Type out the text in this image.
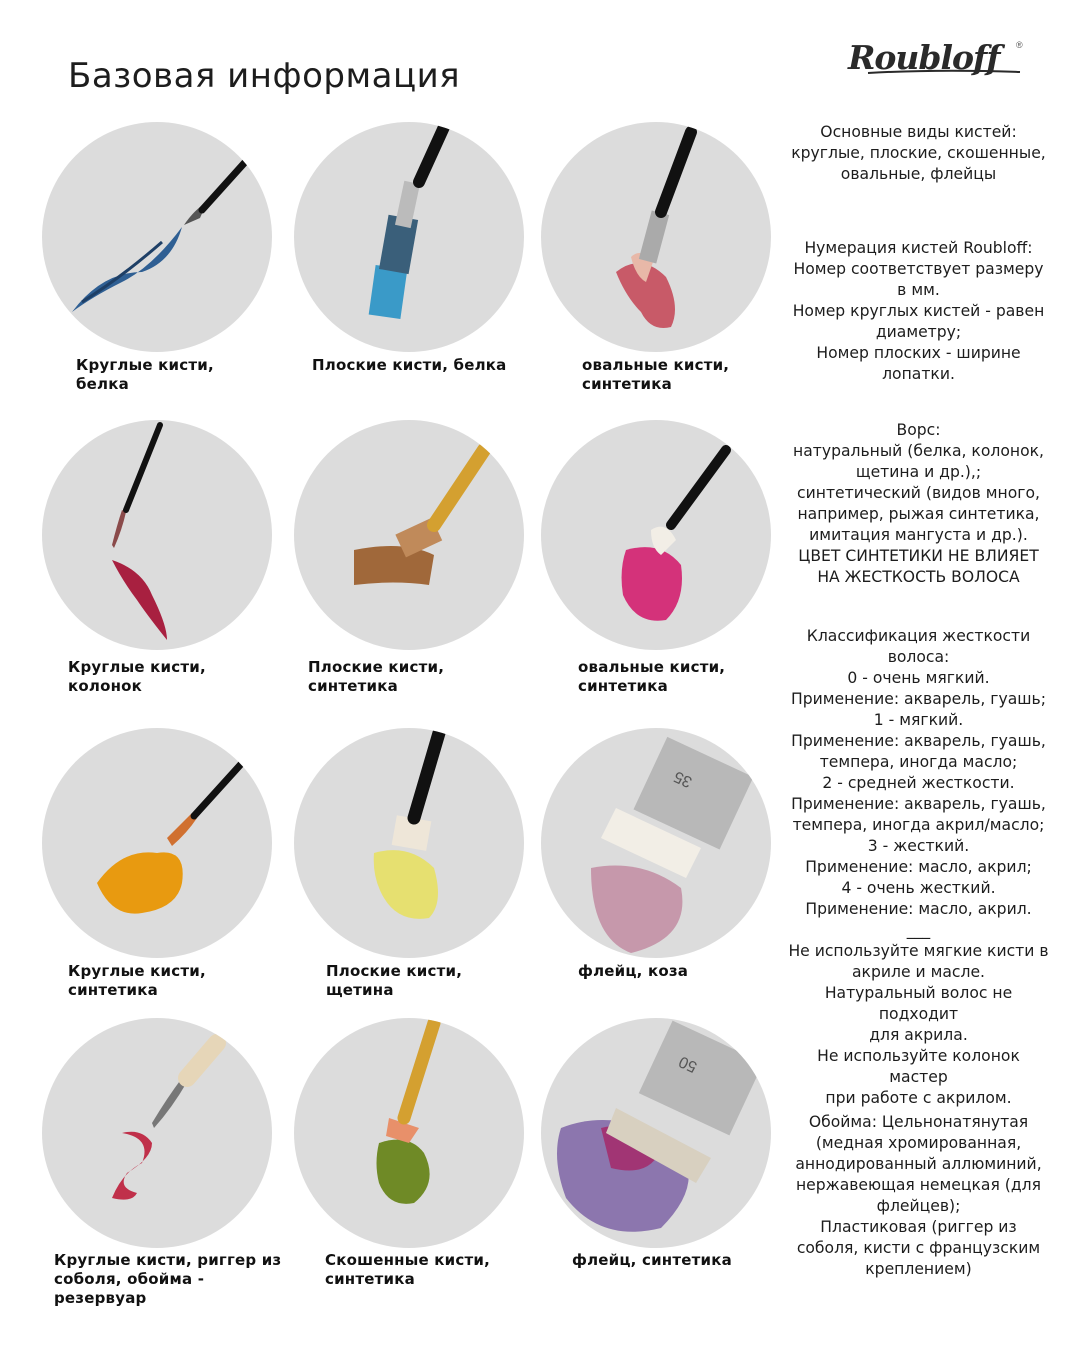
Базовая информация	Roubloff	®
Круглые кисти,
белка
Плоские кисти, белка	овальные кисти,
синтетика
Круглые кисти,
колонок
Плоские кисти,
синтетика
овальные кисти,
синтетика
Круглые кисти,
синтетика
Плоские кисти,
щетина
35
флейц, коза
Круглые кисти, риггер из
соболя, обойма -
резервуар
Скошенные кисти,
синтетика
50
флейц, синтетика
Основные виды кистей:
круглые, плоские, скошенные,
овальные, флейцы
Нумерация кистей Roubloff:
Номер соответствует размеру
в мм.
Номер круглых кистей - равен
диаметру;
Номер плоских - ширине
лопатки.
Ворс:
натуральный (белка, колонок,
щетина и др.),;
синтетический (видов много,
например, рыжая синтетика,
имитация мангуста и др.).
ЦВЕТ СИНТЕТИКИ НЕ ВЛИЯЕТ
НА ЖЕСТКОСТЬ ВОЛОСА
Классификация жесткости
волоса:
0 - очень мягкий.
Применение: акварель, гуашь;
1 - мягкий.
Применение: акварель, гуашь,
темпера, иногда масло;
2 - средней жесткости.
Применение: акварель, гуашь,
темпера, иногда акрил/масло;
3 - жесткий.
Применение: масло, акрил;
4 - очень жесткий.
Применение: масло, акрил.
___
Не используйте мягкие кисти в
акриле и масле.
Натуральный волос не подходит
для акрила.
Не используйте колонок мастер
при работе с акрилом.
Обойма: Цельнонатянутая
(медная хромированная,
аннодированный аллюминий,
нержавеющая немецкая (для
флейцев);
Пластиковая (риггер из
соболя, кисти с французским
креплением)
